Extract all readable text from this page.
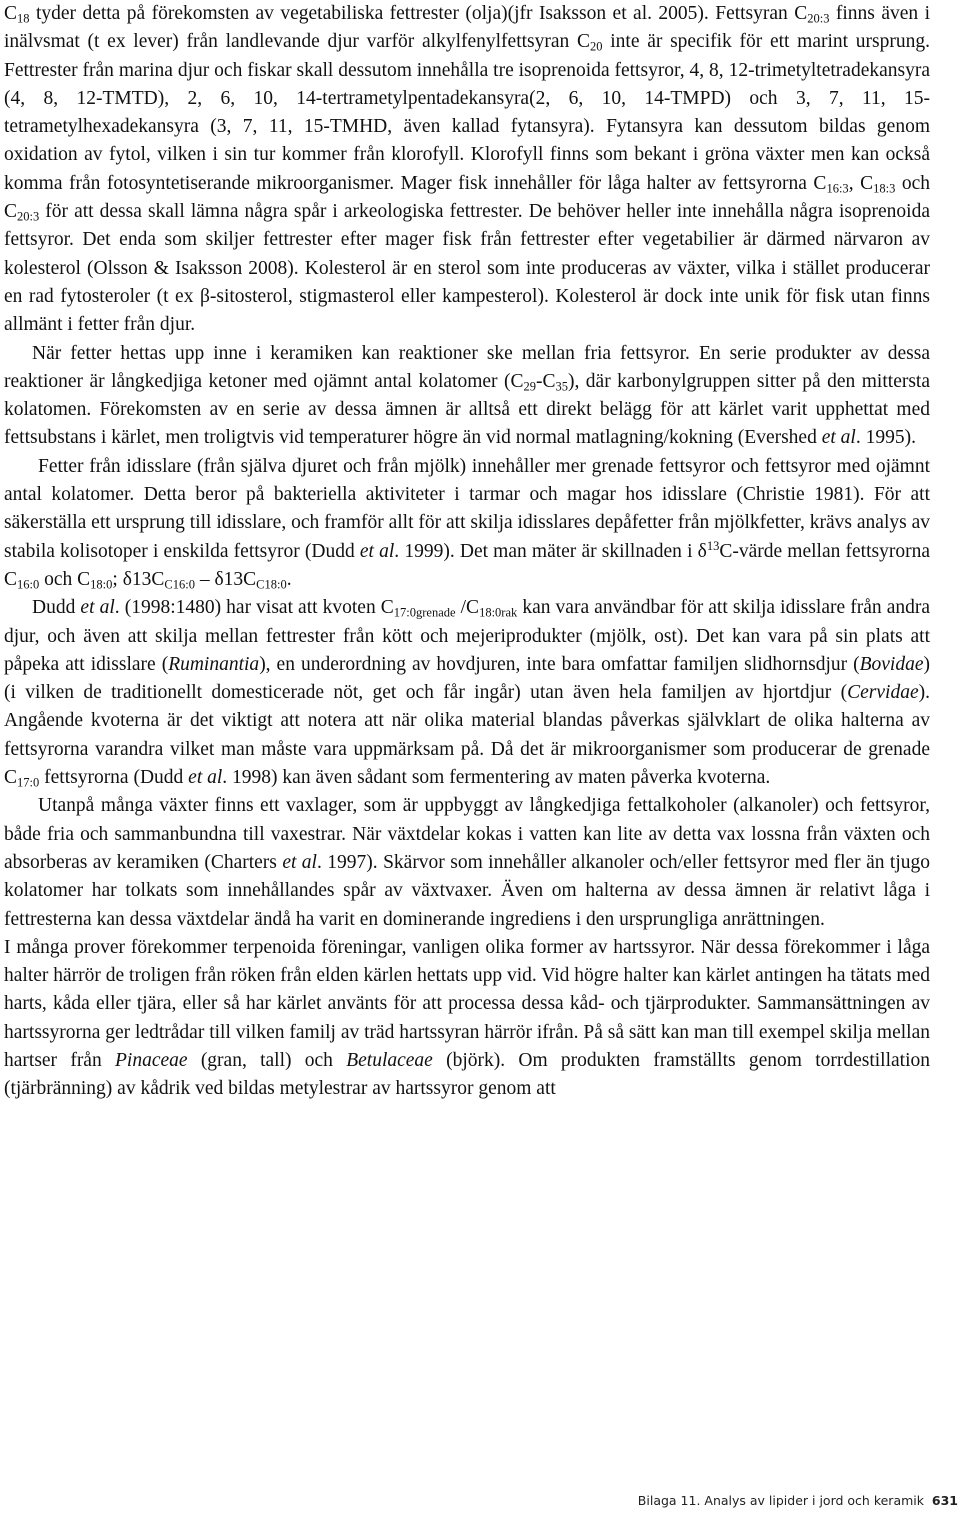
$C_{18}$ tyder detta på förekomsten av vegetabiliska fettrester (olja)(jfr Isaksson et al. 2005). Fettsyran $C_{20:3}$ finns även i inälvsmat (t ex lever) från landlevande djur varför alkylfenylfettsyran $C_{20}$ inte är specifik för ett marint ursprung. Fettrester från marina djur och fiskar skall dessutom innehålla tre isoprenoida fettsyror, 4, 8, 12-trimetyltetradekansyra (4, 8, 12-TMTD), 2, 6, 10, 14-tertrametylpentadekansyra(2, 6, 10, 14-TMPD) och 3, 7, 11, 15-tetrametylhexadekansyra (3, 7, 11, 15-TMHD, även kallad fytansyra). Fytansyra kan dessutom bildas genom oxidation av fytol, vilken i sin tur kommer från klorofyll. Klorofyll finns som bekant i gröna växter men kan också komma från fotosyntetiserande mikroorganismer. Mager fisk innehåller för låga halter av fettsyrorna $C_{16:3}$, $C_{18:3}$ och $C_{20:3}$ för att dessa skall lämna några spår i arkeologiska fettrester. De behöver heller inte innehålla några isoprenoida fettsyror. Det enda som skiljer fettrester efter mager fisk från fettrester efter vegetabilier är därmed närvaron av kolesterol (Olsson & Isaksson 2008). Kolesterol är en sterol som inte produceras av växter, vilka i stället producerar en rad fytosteroler (t ex β-sitosterol, stigmasterol eller kampesterol). Kolesterol är dock inte unik för fisk utan finns allmänt i fetter från djur.

När fetter hettas upp inne i keramiken kan reaktioner ske mellan fria fettsyror. En serie produkter av dessa reaktioner är långkedjiga ketoner med ojämnt antal kolatomer $(C_{29}-C_{35})$, där karbonylgruppen sitter på den mittersta kolatomen. Förekomsten av en serie av dessa ämnen är alltså ett direkt belägg för att kärlet varit upphettat med fettsubstans i kärlet, men troligtvis vid temperaturer högre än vid normal matlagning/kokning (Evershed et al. 1995).

Fetter från idisslare (från själva djuret och från mjölk) innehåller mer grenade fettsyror och fettsyror med ojämnt antal kolatomer. Detta beror på bakteriella aktiviteter i tarmar och magar hos idisslare (Christie 1981). För att säkerställa ett ursprung till idisslare, och framför allt för att skilja idisslares depåfetter från mjölkfetter, krävs analys av stabila kolisotoper i enskilda fettsyror (Dudd et al. 1999). Det man mäter är skillnaden i $\delta^{13}C$-värde mellan fettsyrorna $C_{16:0}$ och $C_{18:0}$; $\delta 13C_{C16:0} - \delta 13C_{C18:0}$.

Dudd et al. (1998:1480) har visat att kvoten $C_{17:0grenade}$ $/C_{18:0rak}$ kan vara användbar för att skilja idisslare från andra djur, och även att skilja mellan fettrester från kött och mejeriprodukter (mjölk, ost). Det kan vara på sin plats att påpeka att idisslare (Ruminantia), en underordning av hovdjuren, inte bara omfattar familjen slidhornsdjur (Bovidae) (i vilken de traditionellt domesticerade nöt, get och får ingår) utan även hela familjen av hjortdjur (Cervidae). Angående kvoterna är det viktigt att notera att när olika material blandas påverkas självklart de olika halterna av fettsyrorna varandra vilket man måste vara uppmärksam på. Då det är mikroorganismer som producerar de grenade $C_{17:0}$ fettsyrorna (Dudd et al. 1998) kan även sådant som fermentering av maten påverka kvoterna.

Utanpå många växter finns ett vaxlager, som är uppbyggt av långkedjiga fettalkoholer (alkanoler) och fettsyror, både fria och sammanbundna till vaxestrar. När växtdelar kokas i vatten kan lite av detta vax lossna från växten och absorberas av keramiken (Charters et al. 1997). Skärvor som innehåller alkanoler och/eller fettsyror med fler än tjugo kolatomer har tolkats som innehållandes spår av växtvaxer. Även om halterna av dessa ämnen är relativt låga i fettresterna kan dessa växtdelar ändå ha varit en dominerande ingrediens i den ursprungliga anrättningen.

I många prover förekommer terpenoida föreningar, vanligen olika former av hartssyror. När dessa förekommer i låga halter härrör de troligen från röken från elden kärlen hettats upp vid. Vid högre halter kan kärlet antingen ha tätats med harts, kåda eller tjära, eller så har kärlet använts för att processa dessa kåd- och tjärprodukter. Sammansättningen av hartssyrorna ger ledtrådar till vilken familj av träd hartssyran härrör ifrån. På så sätt kan man till exempel skilja mellan hartser från Pinaceae (gran, tall) och Betulaceae (björk). Om produkten framställts genom torrdestillation (tjärbränning) av kådrik ved bildas metylestrar av hartssyror genom att

Bilaga 11. Analys av lipider i jord och keramik 631
